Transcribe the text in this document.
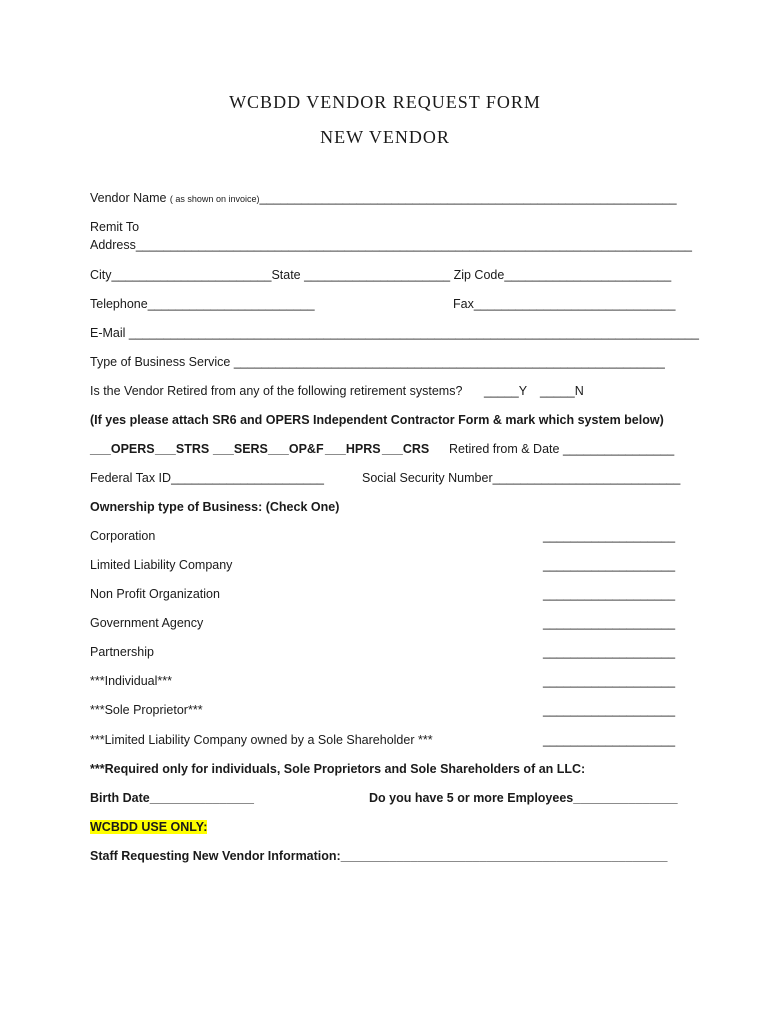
WCBDD VENDOR REQUEST FORM
NEW VENDOR
Vendor Name ( as shown on invoice)____________________________________________________________
Remit To
Address________________________________________________________________________________
City_______________________State _____________________ Zip Code________________________
Telephone________________________	Fax_____________________________
E-Mail __________________________________________________________________________________
Type of Business Service ______________________________________________________________
Is the Vendor Retired from any of the following retirement systems? _____Y _____N
(If yes please attach SR6 and OPERS Independent Contractor Form & mark which system below)
___OPERS ___STRS ___SERS ___OP&F ___HPRS ___CRS Retired from & Date ________________
Federal Tax ID______________________	Social Security Number___________________________
Ownership type of Business: (Check One)
Corporation	___________________
Limited Liability Company	___________________
Non Profit Organization	___________________
Government Agency	___________________
Partnership	___________________
***Individual***	___________________
***Sole Proprietor***	___________________
***Limited Liability Company owned by a Sole Shareholder ***	___________________
***Required only for individuals, Sole Proprietors and Sole Shareholders of an LLC:
Birth Date_______________	Do you have 5 or more Employees_______________
WCBDD USE ONLY:
Staff Requesting New Vendor Information:_______________________________________________
